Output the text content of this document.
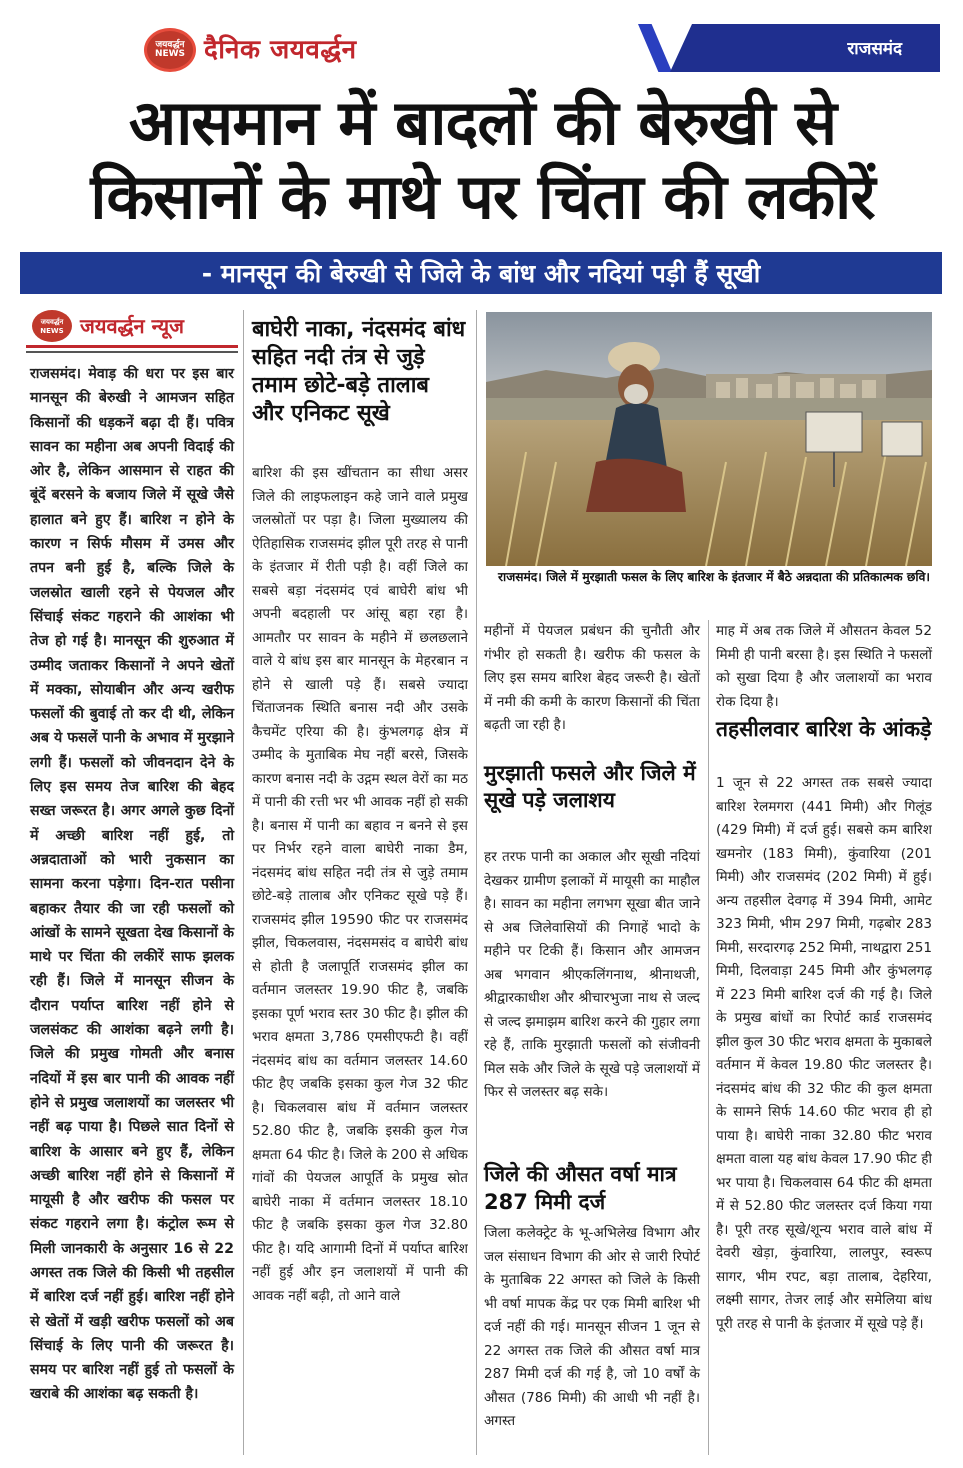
जयवर्द्धन NEWS दैनिक जयवर्द्धन	राजसमंद
आसमान में बादलों की बेरुखी से
किसानों के माथे पर चिंता की लकीरें
- मानसून की बेरुखी से जिले के बांध और नदियां पड़ी हैं सूखी
जयवर्द्धन NEWS जयवर्द्धन न्यूज
राजसमंद। मेवाड़ की धरा पर इस बार मानसून की बेरुखी ने आमजन सहित किसानों की धड़कनें बढ़ा दी हैं। पवित्र सावन का महीना अब अपनी विदाई की ओर है, लेकिन आसमान से राहत की बूंदें बरसने के बजाय जिले में सूखे जैसे हालात बने हुए हैं। बारिश न होने के कारण न सिर्फ मौसम में उमस और तपन बनी हुई है, बल्कि जिले के जलस्रोत खाली रहने से पेयजल और सिंचाई संकट गहराने की आशंका भी तेज हो गई है। मानसून की शुरुआत में उम्मीद जताकर किसानों ने अपने खेतों में मक्का, सोयाबीन और अन्य खरीफ फसलों की बुवाई तो कर दी थी, लेकिन अब ये फसलें पानी के अभाव में मुरझाने लगी हैं। फसलों को जीवनदान देने के लिए इस समय तेज बारिश की बेहद सख्त जरूरत है। अगर अगले कुछ दिनों में अच्छी बारिश नहीं हुई, तो अन्नदाताओं को भारी नुकसान का सामना करना पड़ेगा। दिन-रात पसीना बहाकर तैयार की जा रही फसलों को आंखों के सामने सूखता देख किसानों के माथे पर चिंता की लकीरें साफ झलक रही हैं। जिले में मानसून सीजन के दौरान पर्याप्त बारिश नहीं होने से जलसंकट की आशंका बढ़ने लगी है। जिले की प्रमुख गोमती और बनास नदियों में इस बार पानी की आवक नहीं होने से प्रमुख जलाशयों का जलस्तर भी नहीं बढ़ पाया है। पिछले सात दिनों से बारिश के आसार बने हुए हैं, लेकिन अच्छी बारिश नहीं होने से किसानों में मायूसी है और खरीफ की फसल पर संकट गहराने लगा है। कंट्रोल रूम से मिली जानकारी के अनुसार 16 से 22 अगस्त तक जिले की किसी भी तहसील में बारिश दर्ज नहीं हुई। बारिश नहीं होने से खेतों में खड़ी खरीफ फसलों को अब सिंचाई के लिए पानी की जरूरत है। समय पर बारिश नहीं हुई तो फसलों के खराबे की आशंका बढ़ सकती है।
बाघेरी नाका, नंदसमंद बांध सहित नदी तंत्र से जुड़े तमाम छोटे-बड़े तालाब और एनिकट सूखे
बारिश की इस खींचतान का सीधा असर जिले की लाइफलाइन कहे जाने वाले प्रमुख जलस्रोतों पर पड़ा है। जिला मुख्यालय की ऐतिहासिक राजसमंद झील पूरी तरह से पानी के इंतजार में रीती पड़ी है। वहीं जिले का सबसे बड़ा नंदसमंद एवं बाघेरी बांध भी अपनी बदहाली पर आंसू बहा रहा है। आमतौर पर सावन के महीने में छलछलाने वाले ये बांध इस बार मानसून के मेहरबान न होने से खाली पड़े हैं। सबसे ज्यादा चिंताजनक स्थिति बनास नदी और उसके कैचमेंट एरिया की है। कुंभलगढ़ क्षेत्र में उम्मीद के मुताबिक मेघ नहीं बरसे, जिसके कारण बनास नदी के उद्गम स्थल वेरों का मठ में पानी की रत्ती भर भी आवक नहीं हो सकी है। बनास में पानी का बहाव न बनने से इस पर निर्भर रहने वाला बाघेरी नाका डैम, नंदसमंद बांध सहित नदी तंत्र से जुड़े तमाम छोटे-बड़े तालाब और एनिकट सूखे पड़े हैं। राजसमंद झील 19590 फीट पर राजसमंद झील, चिकलवास, नंदसमसंद व बाघेरी बांध से होती है जलापूर्ति राजसमंद झील का वर्तमान जलस्तर 19.90 फीट है, जबकि इसका पूर्ण भराव स्तर 30 फीट है। झील की भराव क्षमता 3,786 एमसीएफटी है। वहीं नंदसमंद बांध का वर्तमान जलस्तर 14.60 फीट हैए जबकि इसका कुल गेज 32 फीट है। चिकलवास बांध में वर्तमान जलस्तर 52.80 फीट है, जबकि इसकी कुल गेज क्षमता 64 फीट है। जिले के 200 से अधिक गांवों की पेयजल आपूर्ति के प्रमुख स्रोत बाघेरी नाका में वर्तमान जलस्तर 18.10 फीट है जबकि इसका कुल गेज 32.80 फीट है। यदि आगामी दिनों में पर्याप्त बारिश नहीं हुई और इन जलाशयों में पानी की आवक नहीं बढ़ी, तो आने वाले
राजसमंद। जिले में मुरझाती फसल के लिए बारिश के इंतजार में बैठे अन्नदाता की प्रतिकात्मक छवि।
महीनों में पेयजल प्रबंधन की चुनौती और गंभीर हो सकती है। खरीफ की फसल के लिए इस समय बारिश बेहद जरूरी है। खेतों में नमी की कमी के कारण किसानों की चिंता बढ़ती जा रही है।
मुरझाती फसले और जिले में सूखे पड़े जलाशय
हर तरफ पानी का अकाल और सूखी नदियां देखकर ग्रामीण इलाकों में मायूसी का माहौल है। सावन का महीना लगभग सूखा बीत जाने से अब जिलेवासियों की निगाहें भादो के महीने पर टिकी हैं। किसान और आमजन अब भगवान श्रीएकलिंगनाथ, श्रीनाथजी, श्रीद्वारकाधीश और श्रीचारभुजा नाथ से जल्द से जल्द झमाझम बारिश करने की गुहार लगा रहे हैं, ताकि मुरझाती फसलों को संजीवनी मिल सके और जिले के सूखे पड़े जलाशयों में फिर से जलस्तर बढ़ सके।
जिले की औसत वर्षा मात्र 287 मिमी दर्ज
जिला कलेक्ट्रेट के भू-अभिलेख विभाग और जल संसाधन विभाग की ओर से जारी रिपोर्ट के मुताबिक 22 अगस्त को जिले के किसी भी वर्षा मापक केंद्र पर एक मिमी बारिश भी दर्ज नहीं की गई। मानसून सीजन 1 जून से 22 अगस्त तक जिले की औसत वर्षा मात्र 287 मिमी दर्ज की गई है, जो 10 वर्षों के औसत (786 मिमी) की आधी भी नहीं है। अगस्त
माह में अब तक जिले में औसतन केवल 52 मिमी ही पानी बरसा है। इस स्थिति ने फसलों को सुखा दिया है और जलाशयों का भराव रोक दिया है।
तहसीलवार बारिश के आंकड़े
1 जून से 22 अगस्त तक सबसे ज्यादा बारिश रेलमगरा (441 मिमी) और गिलूंड (429 मिमी) में दर्ज हुई। सबसे कम बारिश खमनोर (183 मिमी), कुंवारिया (201 मिमी) और राजसमंद (202 मिमी) में हुई। अन्य तहसील देवगढ़ में 394 मिमी, आमेट 323 मिमी, भीम 297 मिमी, गढ़बोर 283 मिमी, सरदारगढ़ 252 मिमी, नाथद्वारा 251 मिमी, दिलवाड़ा 245 मिमी और कुंभलगढ़ में 223 मिमी बारिश दर्ज की गई है। जिले के प्रमुख बांधों का रिपोर्ट कार्ड राजसमंद झील कुल 30 फीट भराव क्षमता के मुकाबले वर्तमान में केवल 19.80 फीट जलस्तर है। नंदसमंद बांध की 32 फीट की कुल क्षमता के सामने सिर्फ 14.60 फीट भराव ही हो पाया है। बाघेरी नाका 32.80 फीट भराव क्षमता वाला यह बांध केवल 17.90 फीट ही भर पाया है। चिकलवास 64 फीट की क्षमता में से 52.80 फीट जलस्तर दर्ज किया गया है। पूरी तरह सूखे/शून्य भराव वाले बांध में देवरी खेड़ा, कुंवारिया, लालपुर, स्वरूप सागर, भीम रपट, बड़ा तालाब, देहरिया, लक्ष्मी सागर, तेजर लाई और समेलिया बांध पूरी तरह से पानी के इंतजार में सूखे पड़े हैं।
